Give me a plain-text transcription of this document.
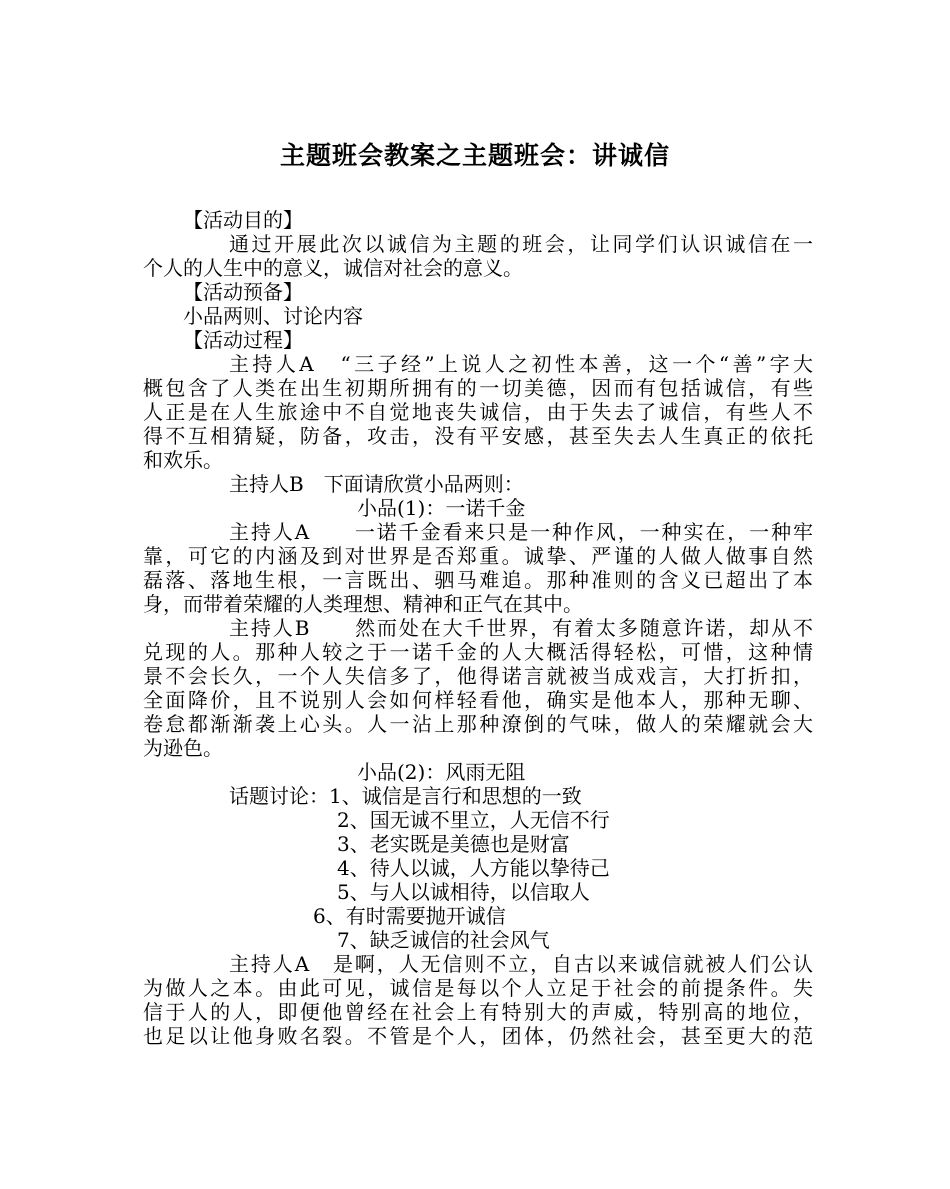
主题班会教案之主题班会：讲诚信
【活动目的】
通过开展此次以诚信为主题的班会，让同学们认识诚信在一
个人的人生中的意义，诚信对社会的意义。
【活动预备】
小品两则、讨论内容
【活动过程】
主持人A　“三子经”上说人之初性本善，这一个“善”字大
概包含了人类在出生初期所拥有的一切美德，因而有包括诚信，有些
人正是在人生旅途中不自觉地丧失诚信，由于失去了诚信，有些人不
得不互相猜疑，防备，攻击，没有平安感，甚至失去人生真正的依托
和欢乐。
主持人B　下面请欣赏小品两则：
小品(1)：一诺千金
主持人A　　一诺千金看来只是一种作风，一种实在，一种牢
靠，可它的内涵及到对世界是否郑重。诚挚、严谨的人做人做事自然
磊落、落地生根，一言既出、驷马难追。那种准则的含义已超出了本
身，而带着荣耀的人类理想、精神和正气在其中。
主持人B　　然而处在大千世界，有着太多随意许诺，却从不
兑现的人。那种人较之于一诺千金的人大概活得轻松，可惜，这种情
景不会长久，一个人失信多了，他得诺言就被当成戏言，大打折扣，
全面降价，且不说别人会如何样轻看他，确实是他本人，那种无聊、
卷怠都渐渐袭上心头。人一沾上那种潦倒的气味，做人的荣耀就会大
为逊色。
小品(2)：风雨无阻
话题讨论：1、诚信是言行和思想的一致
2、国无诚不里立，人无信不行
3、老实既是美德也是财富
4、待人以诚，人方能以挚待己
5、与人以诚相待，以信取人
6、有时需要抛开诚信
7、缺乏诚信的社会风气
主持人A　是啊，人无信则不立，自古以来诚信就被人们公认
为做人之本。由此可见，诚信是每以个人立足于社会的前提条件。失
信于人的人，即便他曾经在社会上有特别大的声威，特别高的地位，
也足以让他身败名裂。不管是个人，团体，仍然社会，甚至更大的范
